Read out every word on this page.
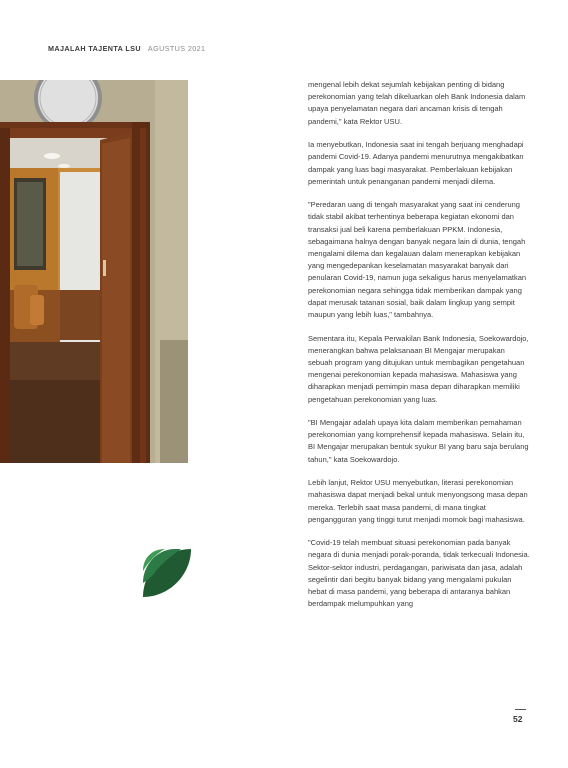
MAJALAH TAJENTA LSU AGUSTUS 2021

mengenal lebih dekat sejumlah kebijakan penting di bidang perekonomian yang telah dikeluarkan oleh Bank Indonesia dalam upaya penyelamatan negara dari ancaman krisis di tengah pandemi," kata Rektor USU.

Ia menyebutkan, Indonesia saat ini tengah berjuang menghadapi pandemi Covid-19. Adanya pandemi menurutnya mengakibatkan dampak yang luas bagi masyarakat. Pemberlakuan kebijakan pemerintah untuk penanganan pandemi menjadi dilema.

"Peredaran uang di tengah masyarakat yang saat ini cenderung tidak stabil akibat terhentinya beberapa kegiatan ekonomi dan transaksi jual beli karena pemberlakuan PPKM. Indonesia, sebagaimana halnya dengan banyak negara lain di dunia, tengah mengalami dilema dan kegalauan dalam menerapkan kebijakan yang mengedepankan keselamatan masyarakat banyak dari penularan Covid-19, namun juga sekaligus harus menyelamatkan perekonomian negara sehingga tidak memberikan dampak yang dapat merusak tatanan sosial, baik dalam lingkup yang sempit maupun yang lebih luas," tambahnya.

Sementara itu, Kepala Perwakilan Bank Indonesia, Soekowardojo, menerangkan bahwa pelaksanaan BI Mengajar merupakan sebuah program yang ditujukan untuk membagikan pengetahuan mengenai perekonomian kepada mahasiswa. Mahasiswa yang diharapkan menjadi pemimpin masa depan diharapkan memiliki pengetahuan perekonomian yang luas.

"BI Mengajar adalah upaya kita dalam memberikan pemahaman perekonomian yang komprehensif kepada mahasiswa. Selain itu, BI Mengajar merupakan bentuk syukur BI yang baru saja berulang tahun," kata Soekowardojo.

Lebih lanjut, Rektor USU menyebutkan, literasi perekonomian mahasiswa dapat menjadi bekal untuk menyongsong masa depan mereka. Terlebih saat masa pandemi, di mana tingkat pengangguran yang tinggi turut menjadi momok bagi mahasiswa.

"Covid-19 telah membuat situasi perekonomian pada banyak negara di dunia menjadi porak-poranda, tidak terkecuali Indonesia. Sektor-sektor industri, perdagangan, pariwisata dan jasa, adalah segelintir dari begitu banyak bidang yang mengalami pukulan hebat di masa pandemi, yang beberapa di antaranya bahkan berdampak melumpuhkan yang

52
